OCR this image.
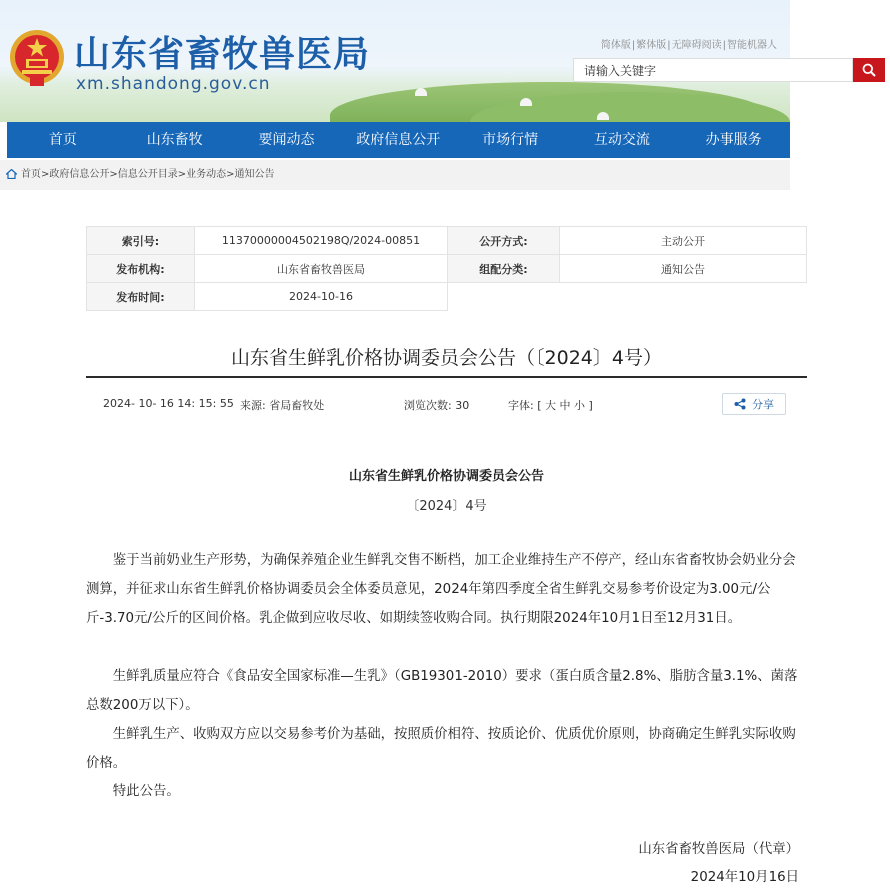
山东省畜牧兽医局
xm.shandong.gov.cn
简体版|繁体版|无障碍阅读|智能机器人
请输入关键字
首页	山东畜牧	要闻动态	政府信息公开	市场行情	互动交流	办事服务
首页>政府信息公开>信息公开目录>业务动态>通知公告
索引号:	11370000004502198Q/2024-00851	公开方式:	主动公开
发布机构:	山东省畜牧兽医局	组配分类:	通知公告
发布时间:	2024-10-16		
山东省生鲜乳价格协调委员会公告（〔2024〕4号）
2024- 10- 16 14: 15: 55 来源: 省局畜牧处	浏览次数: 30	字体: [ 大 中 小 ]	分享
山东省生鲜乳价格协调委员会公告
〔2024〕4号

鉴于当前奶业生产形势，为确保养殖企业生鲜乳交售不断档，加工企业维持生产不停产，经山东省畜牧协会奶业分会测算，并征求山东省生鲜乳价格协调委员会全体委员意见，2024年第四季度全省生鲜乳交易参考价设定为3.00元/公斤-3.70元/公斤的区间价格。乳企做到应收尽收、如期续签收购合同。执行期限2024年10月1日至12月31日。

生鲜乳质量应符合《食品安全国家标准—生乳》（GB19301-2010）要求（蛋白质含量2.8%、脂肪含量3.1%、菌落总数200万以下）。

生鲜乳生产、收购双方应以交易参考价为基础，按照质价相符、按质论价、优质优价原则，协商确定生鲜乳实际收购价格。

特此公告。

山东省畜牧兽医局（代章）
2024年10月16日
